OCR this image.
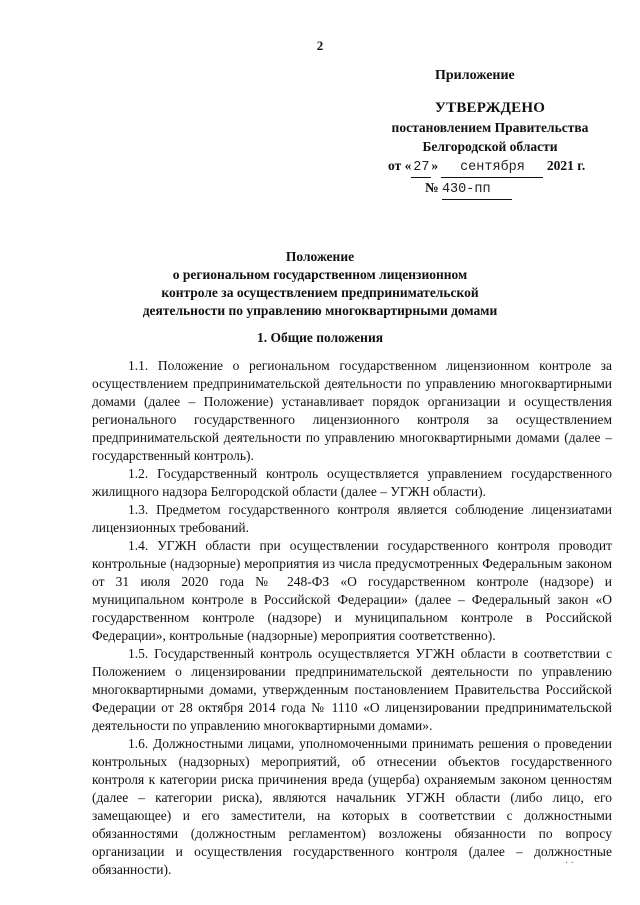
2
Приложение
УТВЕРЖДЕНО
постановлением Правительства
Белгородской области
от « 27 » сентября 2021 г.
№ 430-пп
Положение
о региональном государственном лицензионном
контроле за осуществлением предпринимательской
деятельности по управлению многоквартирными домами
1. Общие положения

1.1. Положение о региональном государственном лицензионном контроле за осуществлением предпринимательской деятельности по управлению многоквартирными домами (далее – Положение) устанавливает порядок организации и осуществления регионального государственного лицензионного контроля за осуществлением предпринимательской деятельности по управлению многоквартирными домами (далее – государственный контроль).

1.2. Государственный контроль осуществляется управлением государственного жилищного надзора Белгородской области (далее – УГЖН области).

1.3. Предметом государственного контроля является соблюдение лицензиатами лицензионных требований.

1.4. УГЖН области при осуществлении государственного контроля проводит контрольные (надзорные) мероприятия из числа предусмотренных Федеральным законом от 31 июля 2020 года № 248-ФЗ «О государственном контроле (надзоре) и муниципальном контроле в Российской Федерации» (далее – Федеральный закон «О государственном контроле (надзоре) и муниципальном контроле в Российской Федерации», контрольные (надзорные) мероприятия соответственно).

1.5. Государственный контроль осуществляется УГЖН области в соответствии с Положением о лицензировании предпринимательской деятельности по управлению многоквартирными домами, утвержденным постановлением Правительства Российской Федерации от 28 октября 2014 года № 1110 «О лицензировании предпринимательской деятельности по управлению многоквартирными домами».

1.6. Должностными лицами, уполномоченными принимать решения о проведении контрольных (надзорных) мероприятий, об отнесении объектов государственного контроля к категории риска причинения вреда (ущерба) охраняемым законом ценностям (далее – категории риска), являются начальник УГЖН области (либо лицо, его замещающее) и его заместители, на которых в соответствии с должностными обязанностями (должностным регламентом) возложены обязанности по вопросу организации и осуществления государственного контроля (далее – должностные обязанности).	· ·
